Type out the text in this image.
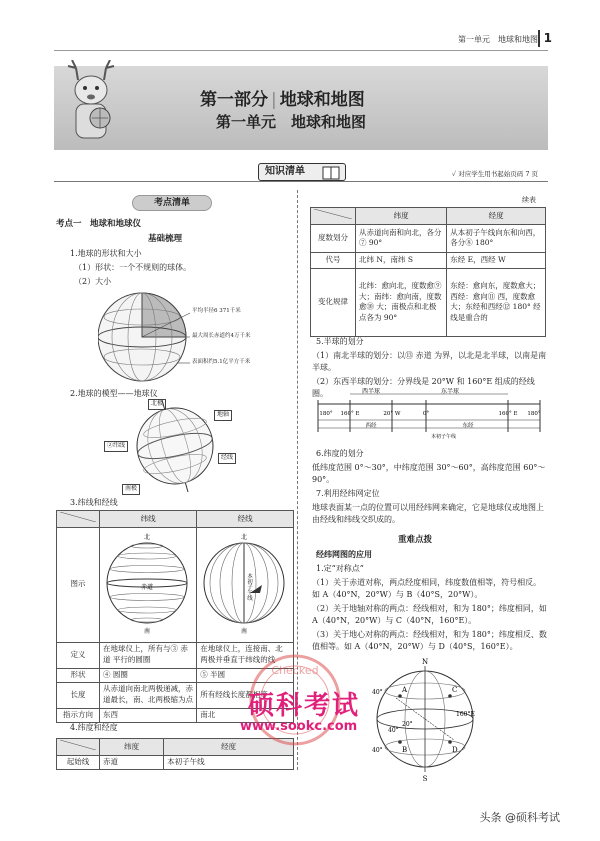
第一单元　地球和地图 1
第一部分 | 地球和地图
第一单元　地球和地图
知识清单	✓ 对应学生用书起始页码 7 页
考点清单
考点一　地球和地球仪
基础梳理
1.地球的形状和大小
（1）形状：一个不规则的球体。
（2）大小
平均半径6 371千米
最大周长赤道约4万千米
表面积约5.1亿平方千米
2.地球的模型——地球仪
北极
地轴
②纬线
经线
南极
3.纬线和经线
	纬线	经线
图示	北
赤道
南	北
本初子午线
南

定义	在地球仪上，所有与③ 赤道 平行的圆圈	在地球仪上，连接南、北两极并垂直于纬线的线
形状	④ 圆圈	⑤ 半圆
长度	从赤道向南北两极递减，赤道最长，南、北两极缩为点	所有经线长度都相等
指示方向	东西	南北
4.纬度和经度
	纬度	经度
起始线	赤道	本初子午线
续表
	纬度	经度
度数划分	从赤道向南和向北，各分⑦ 90°	从本初子午线向东和向西，各分⑧ 180°
代号	北纬 N，南纬 S	东经 E，西经 W
变化规律	北纬：愈向北，度数愈⑨ 大；南纬：愈向南，度数愈⑩ 大；南极点和北极点各为 90°	东经：愈向东，度数愈大；西经：愈向⑪ 西，度数愈大；东经和西经⑫ 180° 经线是重合的
5.半球的划分
（1）南北半球的划分：以⑬ 赤道 为界，以北是北半球，以南是南半球。
（2）东西半球的划分：分界线是 20°W 和 160°E 组成的经线圈。	西半球	东半球
160° E	20° W	0°	160° E
180°	180°
西经	东经
本初子午线
6.纬度的划分
低纬度范围 0°～30°，中纬度范围 30°～60°，高纬度范围 60°～90°。
7.利用经纬网定位
地球表面某一点的位置可以用经纬网来确定，它是地球仪或地图上由经线和纬线交织成的。
重难点拨
经纬网图的应用
1.定“对称点”
（1）关于赤道对称，两点经度相同，纬度数值相等，符号相反。如 A（40°N，20°W）与 B（40°S，20°W）。
（2）关于地轴对称的两点：经线相对，和为 180°；纬度相同，如 A（40°N，20°W）与 C（40°N，160°E）。
（3）关于地心对称的两点：经线相对，和为 180°；纬度相反、数值相等。如 A（40°N，20°W）与 D（40°S，160°E）。
N
S
A
B
C
D
40°
40°
20°
160°E
40°
Checked
硕科考试
www.sookc.com
头条 @硕科考试
